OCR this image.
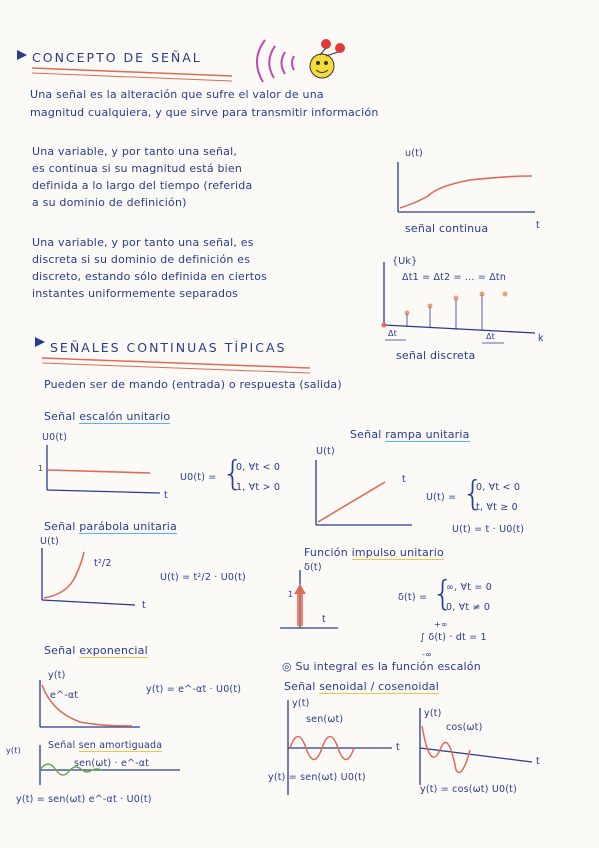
CONCEPTO DE SEÑAL
Una señal es la alteración que sufre el valor de una
magnitud cualquiera, y que sirve para transmitir información
Una variable, y por tanto una señal,
es continua si su magnitud está bien
definida a lo largo del tiempo (referida
a su dominio de definición)
u(t)
t
señal continua
Una variable, y por tanto una señal, es
discreta si su dominio de definición es
discreto, estando sólo definida en ciertos
instantes uniformemente separados
{Uk}
Δt1 = Δt2 = ... = Δtn
k
Δt	Δt
señal discreta
SEÑALES CONTINUAS TÍPICAS
Pueden ser de mando (entrada) o respuesta (salida)
Señal escalón unitario
U0(t)
1
t
U0(t) = {
0, ∀t < 0
1, ∀t > 0
Señal rampa unitaria
U(t)
t
U(t) = {
0, ∀t < 0
t, ∀t ≥ 0
U(t) = t · U0(t)
Señal parábola unitaria
U(t)
t²/2
t
U(t) = t²/2 · U0(t)
Función impulso unitario
δ(t)
1
t
δ(t) = {
∞, ∀t = 0
0, ∀t ≠ 0
+∞
∫ δ(t) · dt = 1
-∞
◎ Su integral es la función escalón
Señal exponencial
y(t)
e^-αt
y(t) = e^-αt · U0(t)
Señal sen amortiguada
y(t)
sen(ωt) · e^-αt
y(t) = sen(ωt) e^-αt · U0(t)
Señal senoidal / cosenoidal
y(t)
sen(ωt)
t
y(t) = sen(ωt) U0(t)
y(t)
cos(ωt)
t
y(t) = cos(ωt) U0(t)
